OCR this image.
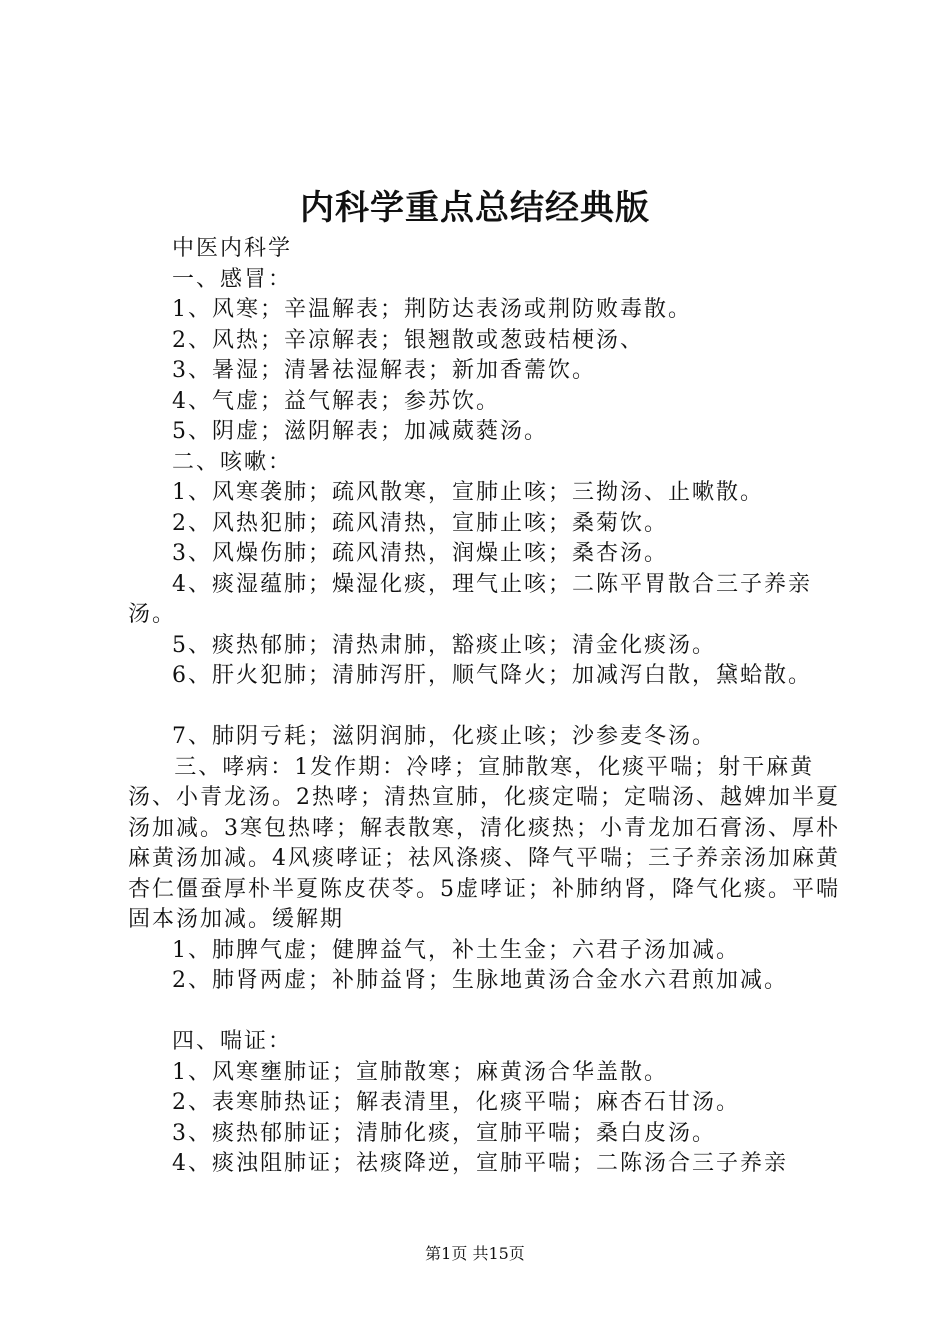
内科学重点总结经典版

中医内科学

一、感冒：

1、风寒；辛温解表；荆防达表汤或荆防败毒散。

2、风热；辛凉解表；银翘散或葱豉桔梗汤、

3、暑湿；清暑祛湿解表；新加香薷饮。

4、气虚；益气解表；参苏饮。

5、阴虚；滋阴解表；加减葳蕤汤。

二、咳嗽：

1、风寒袭肺；疏风散寒，宣肺止咳；三拗汤、止嗽散。

2、风热犯肺；疏风清热，宣肺止咳；桑菊饮。

3、风燥伤肺；疏风清热，润燥止咳；桑杏汤。

4、痰湿蕴肺；燥湿化痰，理气止咳；二陈平胃散合三子养亲汤。

5、痰热郁肺；清热肃肺，豁痰止咳；清金化痰汤。

6、肝火犯肺；清肺泻肝，顺气降火；加减泻白散，黛蛤散。

7、肺阴亏耗；滋阴润肺，化痰止咳；沙参麦冬汤。

三、哮病：1发作期：冷哮；宣肺散寒，化痰平喘；射干麻黄汤、小青龙汤。2热哮；清热宣肺，化痰定喘；定喘汤、越婢加半夏汤加减。3寒包热哮；解表散寒，清化痰热；小青龙加石膏汤、厚朴麻黄汤加减。4风痰哮证；祛风涤痰、降气平喘；三子养亲汤加麻黄杏仁僵蚕厚朴半夏陈皮茯苓。5虚哮证；补肺纳肾，降气化痰。平喘固本汤加减。缓解期

1、肺脾气虚；健脾益气，补土生金；六君子汤加减。

2、肺肾两虚；补肺益肾；生脉地黄汤合金水六君煎加减。

四、喘证：

1、风寒壅肺证；宣肺散寒；麻黄汤合华盖散。

2、表寒肺热证；解表清里，化痰平喘；麻杏石甘汤。

3、痰热郁肺证；清肺化痰，宣肺平喘；桑白皮汤。

4、痰浊阻肺证；祛痰降逆，宣肺平喘；二陈汤合三子养亲

第1页 共15页
